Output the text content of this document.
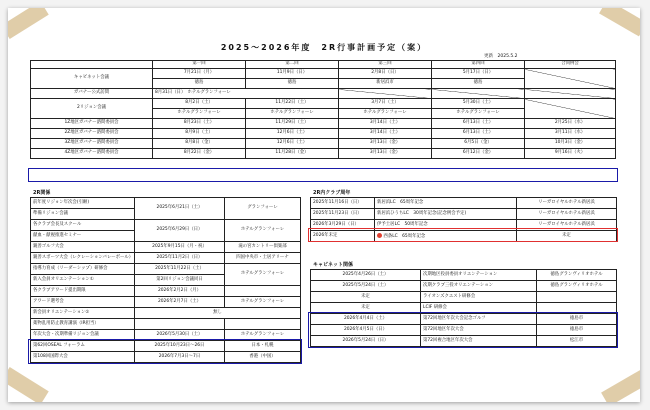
2025～2026年度　2R行事計画予定（案）
更新　2025.5.2
	第一回	第二回	第三回	第四回	合同例会
キャビネット会議	7月21日（月）	11月9日（日）	2月8日（日）	5月17日（日）	
	徳島	徳島	新居浜市	徳島	
ガバナー公式訪問	8月31日（日）　ホテルグランフォーレ				
2リジョン会議	8月2日（土）	11月22日（土）	3月7日（土）	5月30日（土）	
	ホテルグランフォーレ	ホテルグランフォーレ	ホテルグランフォーレ	ホテルグランフォーレ	
1Z地区ガバナー諮問委員会	8月23日（土）	11月29日（土）	3月14日（土）	6月13日（土）	2月25日（水）
2Z地区ガバナー諮問委員会	8月9日（土）	12月6日（土）	3月14日（土）	6月13日（土）	3月11日（水）
3Z地区ガバナー諮問委員会	8月8日（金）	12月6日（土）	3月13日（金）	6月5日（金）	10月3日（金）
4Z地区ガバナー諮問委員会	8月22日（金）	11月28日（金）	3月13日（金）	6月12日（金）	9月16日（火）
2R関係
前年度リジョン年次会(引継)	2025年6月21日（土）	グランフォーレ
準備リジョン会議		
各クラブ会長及スクール	2025年6月29日（日）	ホテルグランフォーレ
献血・献視推進セミナー		
親善ゴルフ大会	2025年9月15日（月・祝）	滝の宮カントリー倶楽部
親善スポーツ大会（レクレーションバレーボール）	2025年11月2日（日）	四国中央市・土居アリーナ
指導力育成（リーダーシップ）研修会	2025年11月22日（土）	ホテルグランフォーレ
新入会員オリエンテーション①	第2回リジョン会議同日	
各クラブアワード提出期限	2026年2月2日（月）	
アワード選考会	2026年2月7日（土）	ホテルグランフォーレ
新会員オリエンテーション②	無し	
薬物乱用防止教育講演（IR担当）		
年次大会・次期準備リジョン会議	2026年5月30日（土）	ホテルグランフォーレ
第62回OSEAL フォーラム	2025年10月23日～26日	日本・札幌
第108回国際大会	2026年7月3日～7日	香港（中国）
2R内クラブ周年
2025年11月16日（日）	新居浜LC　65周年記念	リーガロイヤルホテル新居浜
2025年11月23日（日）	新居浜ひうちLC　30周年記念(記念例会予定)	リーガロイヤルホテル新居浜
2026年3月29日（日）	伊予土居LC　50周年記念	リーガロイヤルホテル新居浜
2026年未定	西条LC　65周年記念	未定
キャビネット関係
2025年4月26日（土）	次期地区役員委員オリエンテーション	徳島グランヴィリオホテル
2025年5月24日（土）	次期クラブ三役オリエンテーション	徳島グランヴィリオホテル
未定	ライオンズクエスト研修会	
未定	LCIF 研修会	
2026年4月4日（土）	第72回地区年次大会記念ゴルフ	徳島市
2026年4月5日（日）	第72回地区年次大会	徳島市
2026年5月24日（日）	第72回複合地区年次大会	松江市
